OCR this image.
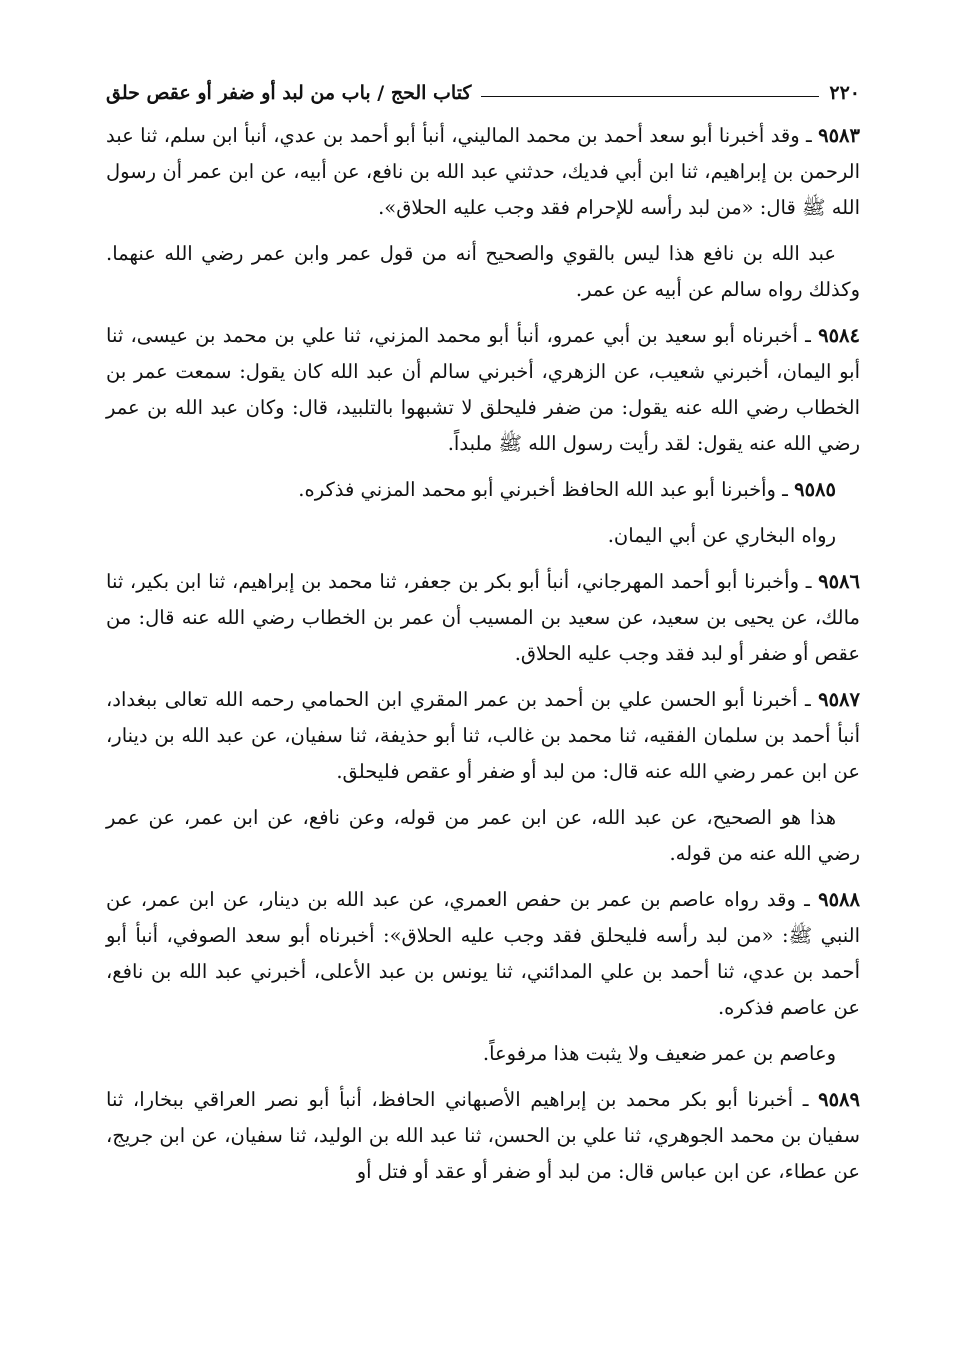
٢٢٠
كتاب الحج / باب من لبد أو ضفر أو عقص حلق

٩٥٨٣ ـ وقد أخبرنا أبو سعد أحمد بن محمد الماليني، أنبأ أبو أحمد بن عدي، أنبأ ابن سلم، ثنا عبد الرحمن بن إبراهيم، ثنا ابن أبي فديك، حدثني عبد الله بن نافع، عن أبيه، عن ابن عمر أن رسول الله ﷺ قال: «من لبد رأسه للإحرام فقد وجب عليه الحلاق».

عبد الله بن نافع هذا ليس بالقوي والصحيح أنه من قول عمر وابن عمر رضي الله عنهما. وكذلك رواه سالم عن أبيه عن عمر.

٩٥٨٤ ـ أخبرناه أبو سعيد بن أبي عمرو، أنبأ أبو محمد المزني، ثنا علي بن محمد بن عيسى، ثنا أبو اليمان، أخبرني شعيب، عن الزهري، أخبرني سالم أن عبد الله كان يقول: سمعت عمر بن الخطاب رضي الله عنه يقول: من ضفر فليحلق لا تشبهوا بالتلبيد، قال: وكان عبد الله بن عمر رضي الله عنه يقول: لقد رأيت رسول الله ﷺ ملبداً.

٩٥٨٥ ـ وأخبرنا أبو عبد الله الحافظ أخبرني أبو محمد المزني فذكره.

رواه البخاري عن أبي اليمان.

٩٥٨٦ ـ وأخبرنا أبو أحمد المهرجاني، أنبأ أبو بكر بن جعفر، ثنا محمد بن إبراهيم، ثنا ابن بكير، ثنا مالك، عن يحيى بن سعيد، عن سعيد بن المسيب أن عمر بن الخطاب رضي الله عنه قال: من عقص أو ضفر أو لبد فقد وجب عليه الحلاق.

٩٥٨٧ ـ أخبرنا أبو الحسن علي بن أحمد بن عمر المقري ابن الحمامي رحمه الله تعالى ببغداد، أنبأ أحمد بن سلمان الفقيه، ثنا محمد بن غالب، ثنا أبو حذيفة، ثنا سفيان، عن عبد الله بن دينار، عن ابن عمر رضي الله عنه قال: من لبد أو ضفر أو عقص فليحلق.

هذا هو الصحيح، عن عبد الله، عن ابن عمر من قوله، وعن نافع، عن ابن عمر، عن عمر رضي الله عنه من قوله.

٩٥٨٨ ـ وقد رواه عاصم بن عمر بن حفص العمري، عن عبد الله بن دينار، عن ابن عمر، عن النبي ﷺ: «من لبد رأسه فليحلق فقد وجب عليه الحلاق»: أخبرناه أبو سعد الصوفي، أنبأ أبو أحمد بن عدي، ثنا أحمد بن علي المدائني، ثنا يونس بن عبد الأعلى، أخبرني عبد الله بن نافع، عن عاصم فذكره.

وعاصم بن عمر ضعيف ولا يثبت هذا مرفوعاً.

٩٥٨٩ ـ أخبرنا أبو بكر محمد بن إبراهيم الأصبهاني الحافظ، أنبأ أبو نصر العراقي ببخارا، ثنا سفيان بن محمد الجوهري، ثنا علي بن الحسن، ثنا عبد الله بن الوليد، ثنا سفيان، عن ابن جريج، عن عطاء، عن ابن عباس قال: من لبد أو ضفر أو عقد أو فتل أو
